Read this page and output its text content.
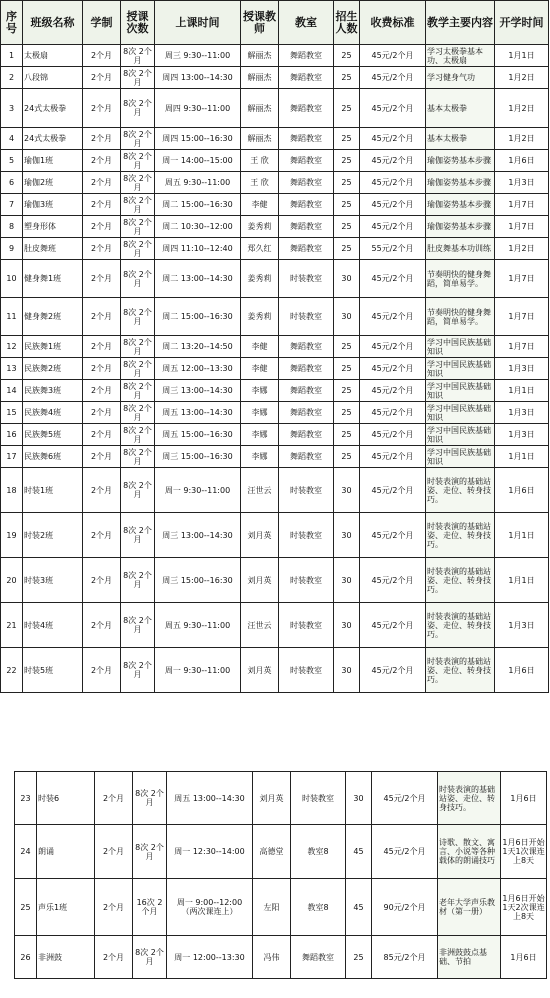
序号	班级名称	学制	授课次数	上课时间	授课教师	教室	招生人数	收费标准	教学主要内容	开学时间
1	太极扇	2个月	8次 2个月	周三 9:30--11:00	解丽杰	舞蹈教室	25	45元/2个月	学习太极拳基本功、太极扇	1月1日
2	八段锦	2个月	8次 2个月	周四 13:00--14:30	解丽杰	舞蹈教室	25	45元/2个月	学习健身气功	1月2日
3	24式太极拳	2个月	8次 2个月	周四 9:30--11:00	解丽杰	舞蹈教室	25	45元/2个月	基本太极拳	1月2日
4	24式太极拳	2个月	8次 2个月	周四 15:00--16:30	解丽杰	舞蹈教室	25	45元/2个月	基本太极拳	1月2日
5	瑜伽1班	2个月	8次 2个月	周一 14:00--15:00	王 欣	舞蹈教室	25	45元/2个月	瑜伽姿势基本步骤	1月6日
6	瑜伽2班	2个月	8次 2个月	周五 9:30--11:00	王 欣	舞蹈教室	25	45元/2个月	瑜伽姿势基本步骤	1月3日
7	瑜伽3班	2个月	8次 2个月	周二 15:00--16:30	李健	舞蹈教室	25	45元/2个月	瑜伽姿势基本步骤	1月7日
8	塑身形体	2个月	8次 2个月	周二 10:30--12:00	姜秀莉	舞蹈教室	25	45元/2个月	瑜伽姿势基本步骤	1月7日
9	肚皮舞班	2个月	8次 2个月	周四 11:10--12:40	郑久红	舞蹈教室	25	55元/2个月	肚皮舞基本功训练	1月2日
10	健身舞1班	2个月	8次 2个月	周二 13:00--14:30	姜秀莉	时装教室	30	45元/2个月	节奏明快的健身舞蹈，简单易学。	1月7日
11	健身舞2班	2个月	8次 2个月	周二 15:00--16:30	姜秀莉	时装教室	30	45元/2个月	节奏明快的健身舞蹈，简单易学。	1月7日
12	民族舞1班	2个月	8次 2个月	周二 13:20--14:50	李健	舞蹈教室	25	45元/2个月	学习中国民族基础知识	1月7日
13	民族舞2班	2个月	8次 2个月	周五 12:00--13:30	李健	舞蹈教室	25	45元/2个月	学习中国民族基础知识	1月3日
14	民族舞3班	2个月	8次 2个月	周三 13:00--14:30	李娜	舞蹈教室	25	45元/2个月	学习中国民族基础知识	1月1日
15	民族舞4班	2个月	8次 2个月	周五 13:00--14:30	李娜	舞蹈教室	25	45元/2个月	学习中国民族基础知识	1月3日
16	民族舞5班	2个月	8次 2个月	周五 15:00--16:30	李娜	舞蹈教室	25	45元/2个月	学习中国民族基础知识	1月3日
17	民族舞6班	2个月	8次 2个月	周三 15:00--16:30	李娜	舞蹈教室	25	45元/2个月	学习中国民族基础知识	1月1日
18	时装1班	2个月	8次 2个月	周一 9:30--11:00	汪世云	时装教室	30	45元/2个月	时装表演的基础站姿、走位、转身技巧。	1月6日
19	时装2班	2个月	8次 2个月	周三 13:00--14:30	刘月英	时装教室	30	45元/2个月	时装表演的基础站姿、走位、转身技巧。	1月1日
20	时装3班	2个月	8次 2个月	周三 15:00--16:30	刘月英	时装教室	30	45元/2个月	时装表演的基础站姿、走位、转身技巧。	1月1日
21	时装4班	2个月	8次 2个月	周五 9:30--11:00	汪世云	时装教室	30	45元/2个月	时装表演的基础站姿、走位、转身技巧。	1月3日
22	时装5班	2个月	8次 2个月	周一 9:30--11:00	刘月英	时装教室	30	45元/2个月	时装表演的基础站姿、走位、转身技巧。	1月6日
23	时装6	2个月	8次 2个月	周五 13:00--14:30	刘月英	时装教室	30	45元/2个月	时装表演的基础站姿、走位、转身技巧。	1月6日
24	朗诵	2个月	8次 2个月	周一 12:30--14:00	高德堂	教室8	45	45元/2个月	诗歌、散文、寓言、小说等各种载体的朗诵技巧	1月6日开始1天1次课连上8天
25	声乐1班	2个月	16次 2个月	周一 9:00--12:00 （两次课连上）	左阳	教室8	45	90元/2个月	老年大学声乐教材（第一册）	1月6日开始1天2次课连上8天
26	非洲鼓	2个月	8次 2个月	周一 12:00--13:30	冯伟	舞蹈教室	25	85元/2个月	非洲鼓鼓点基础、节拍	1月6日
